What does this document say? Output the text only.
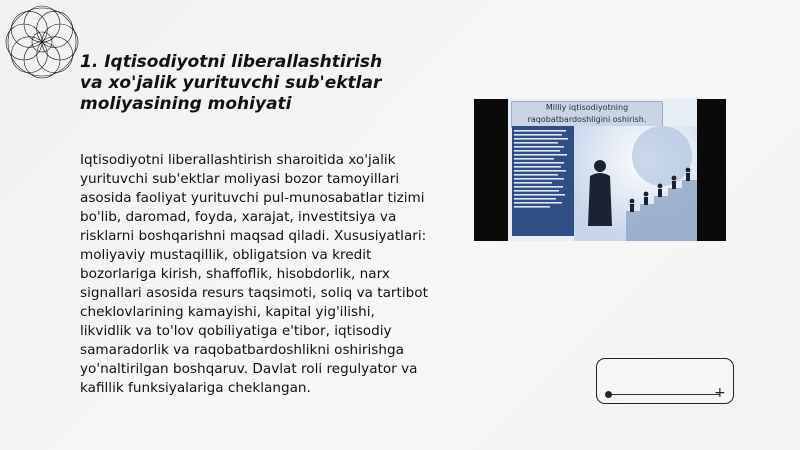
1. Iqtisodiyotni liberallashtirish va xo'jalik yurituvchi sub'ektlar moliyasining mohiyati

Iqtisodiyotni liberallashtirish sharoitida xo'jalik yurituvchi sub'ektlar moliyasi bozor tamoyillari asosida faoliyat yurituvchi pul-munosabatlar tizimi bo'lib, daromad, foyda, xarajat, investitsiya va risklarni boshqarishni maqsad qiladi. Xususiyatlari: moliyaviy mustaqillik, obligatsion va kredit bozorlariga kirish, shaffoflik, hisobdorlik, narx signallari asosida resurs taqsimoti, soliq va tartibot cheklovlarining kamayishi, kapital yig'ilishi, likvidlik va to'lov qobiliyatiga e'tibor, iqtisodiy samaradorlik va raqobatbardoshlikni oshirishga yo'naltirilgan boshqaruv. Davlat roli regulyator va kafillik funksiyalariga cheklangan.

Milliy iqtisodiyotning
raqobatbardoshligini oshirish.
+
